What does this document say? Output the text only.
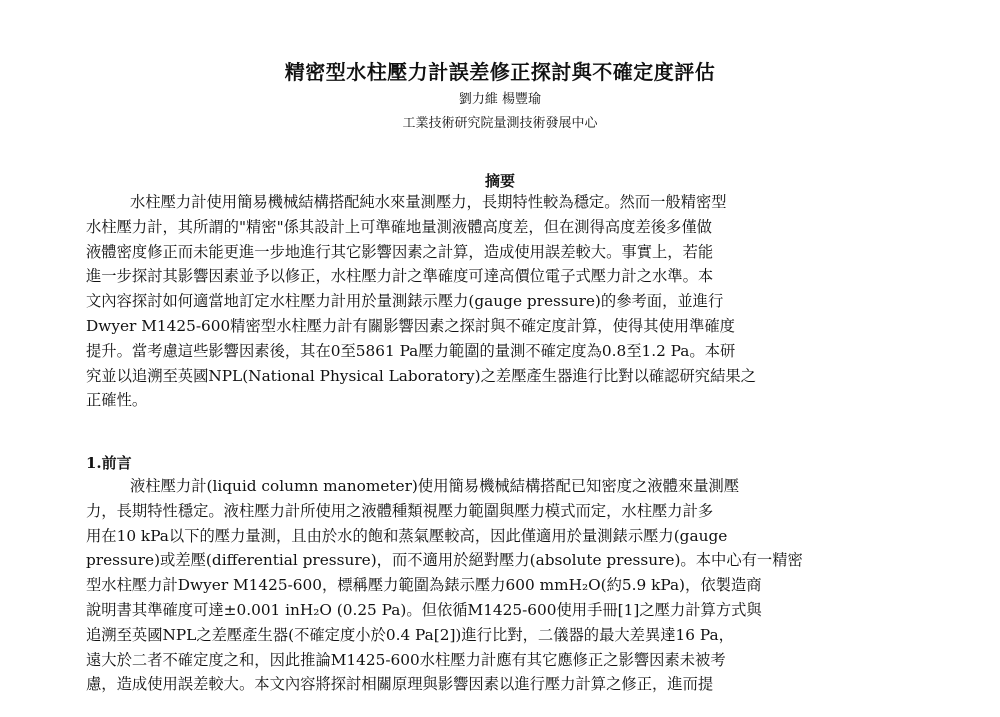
精密型水柱壓力計誤差修正探討與不確定度評估
劉力維 楊豐瑜
工業技術研究院量測技術發展中心
摘要
水柱壓力計使用簡易機械結構搭配純水來量測壓力，長期特性較為穩定。然而一般精密型
水柱壓力計，其所謂的"精密"係其設計上可準確地量測液體高度差，但在測得高度差後多僅做
液體密度修正而未能更進一步地進行其它影響因素之計算，造成使用誤差較大。事實上，若能
進一步探討其影響因素並予以修正，水柱壓力計之準確度可達高價位電子式壓力計之水準。本
文內容探討如何適當地訂定水柱壓力計用於量測錶示壓力(gauge pressure)的參考面，並進行
Dwyer M1425-600精密型水柱壓力計有關影響因素之探討與不確定度計算，使得其使用準確度
提升。當考慮這些影響因素後，其在0至5861 Pa壓力範圍的量測不確定度為0.8至1.2 Pa。本研
究並以追溯至英國NPL(National Physical Laboratory)之差壓產生器進行比對以確認研究結果之
正確性。
1.前言
液柱壓力計(liquid column manometer)使用簡易機械結構搭配已知密度之液體來量測壓
力，長期特性穩定。液柱壓力計所使用之液體種類視壓力範圍與壓力模式而定，水柱壓力計多
用在10 kPa以下的壓力量測，且由於水的飽和蒸氣壓較高，因此僅適用於量測錶示壓力(gauge
pressure)或差壓(differential pressure)，而不適用於絕對壓力(absolute pressure)。本中心有一精密
型水柱壓力計Dwyer M1425-600，標稱壓力範圍為錶示壓力600 mmH₂O(約5.9 kPa)，依製造商
說明書其準確度可達±0.001 inH₂O (0.25 Pa)。但依循M1425-600使用手冊[1]之壓力計算方式與
追溯至英國NPL之差壓產生器(不確定度小於0.4 Pa[2])進行比對，二儀器的最大差異達16 Pa，
遠大於二者不確定度之和，因此推論M1425-600水柱壓力計應有其它應修正之影響因素未被考
慮，造成使用誤差較大。本文內容將探討相關原理與影響因素以進行壓力計算之修正，進而提
